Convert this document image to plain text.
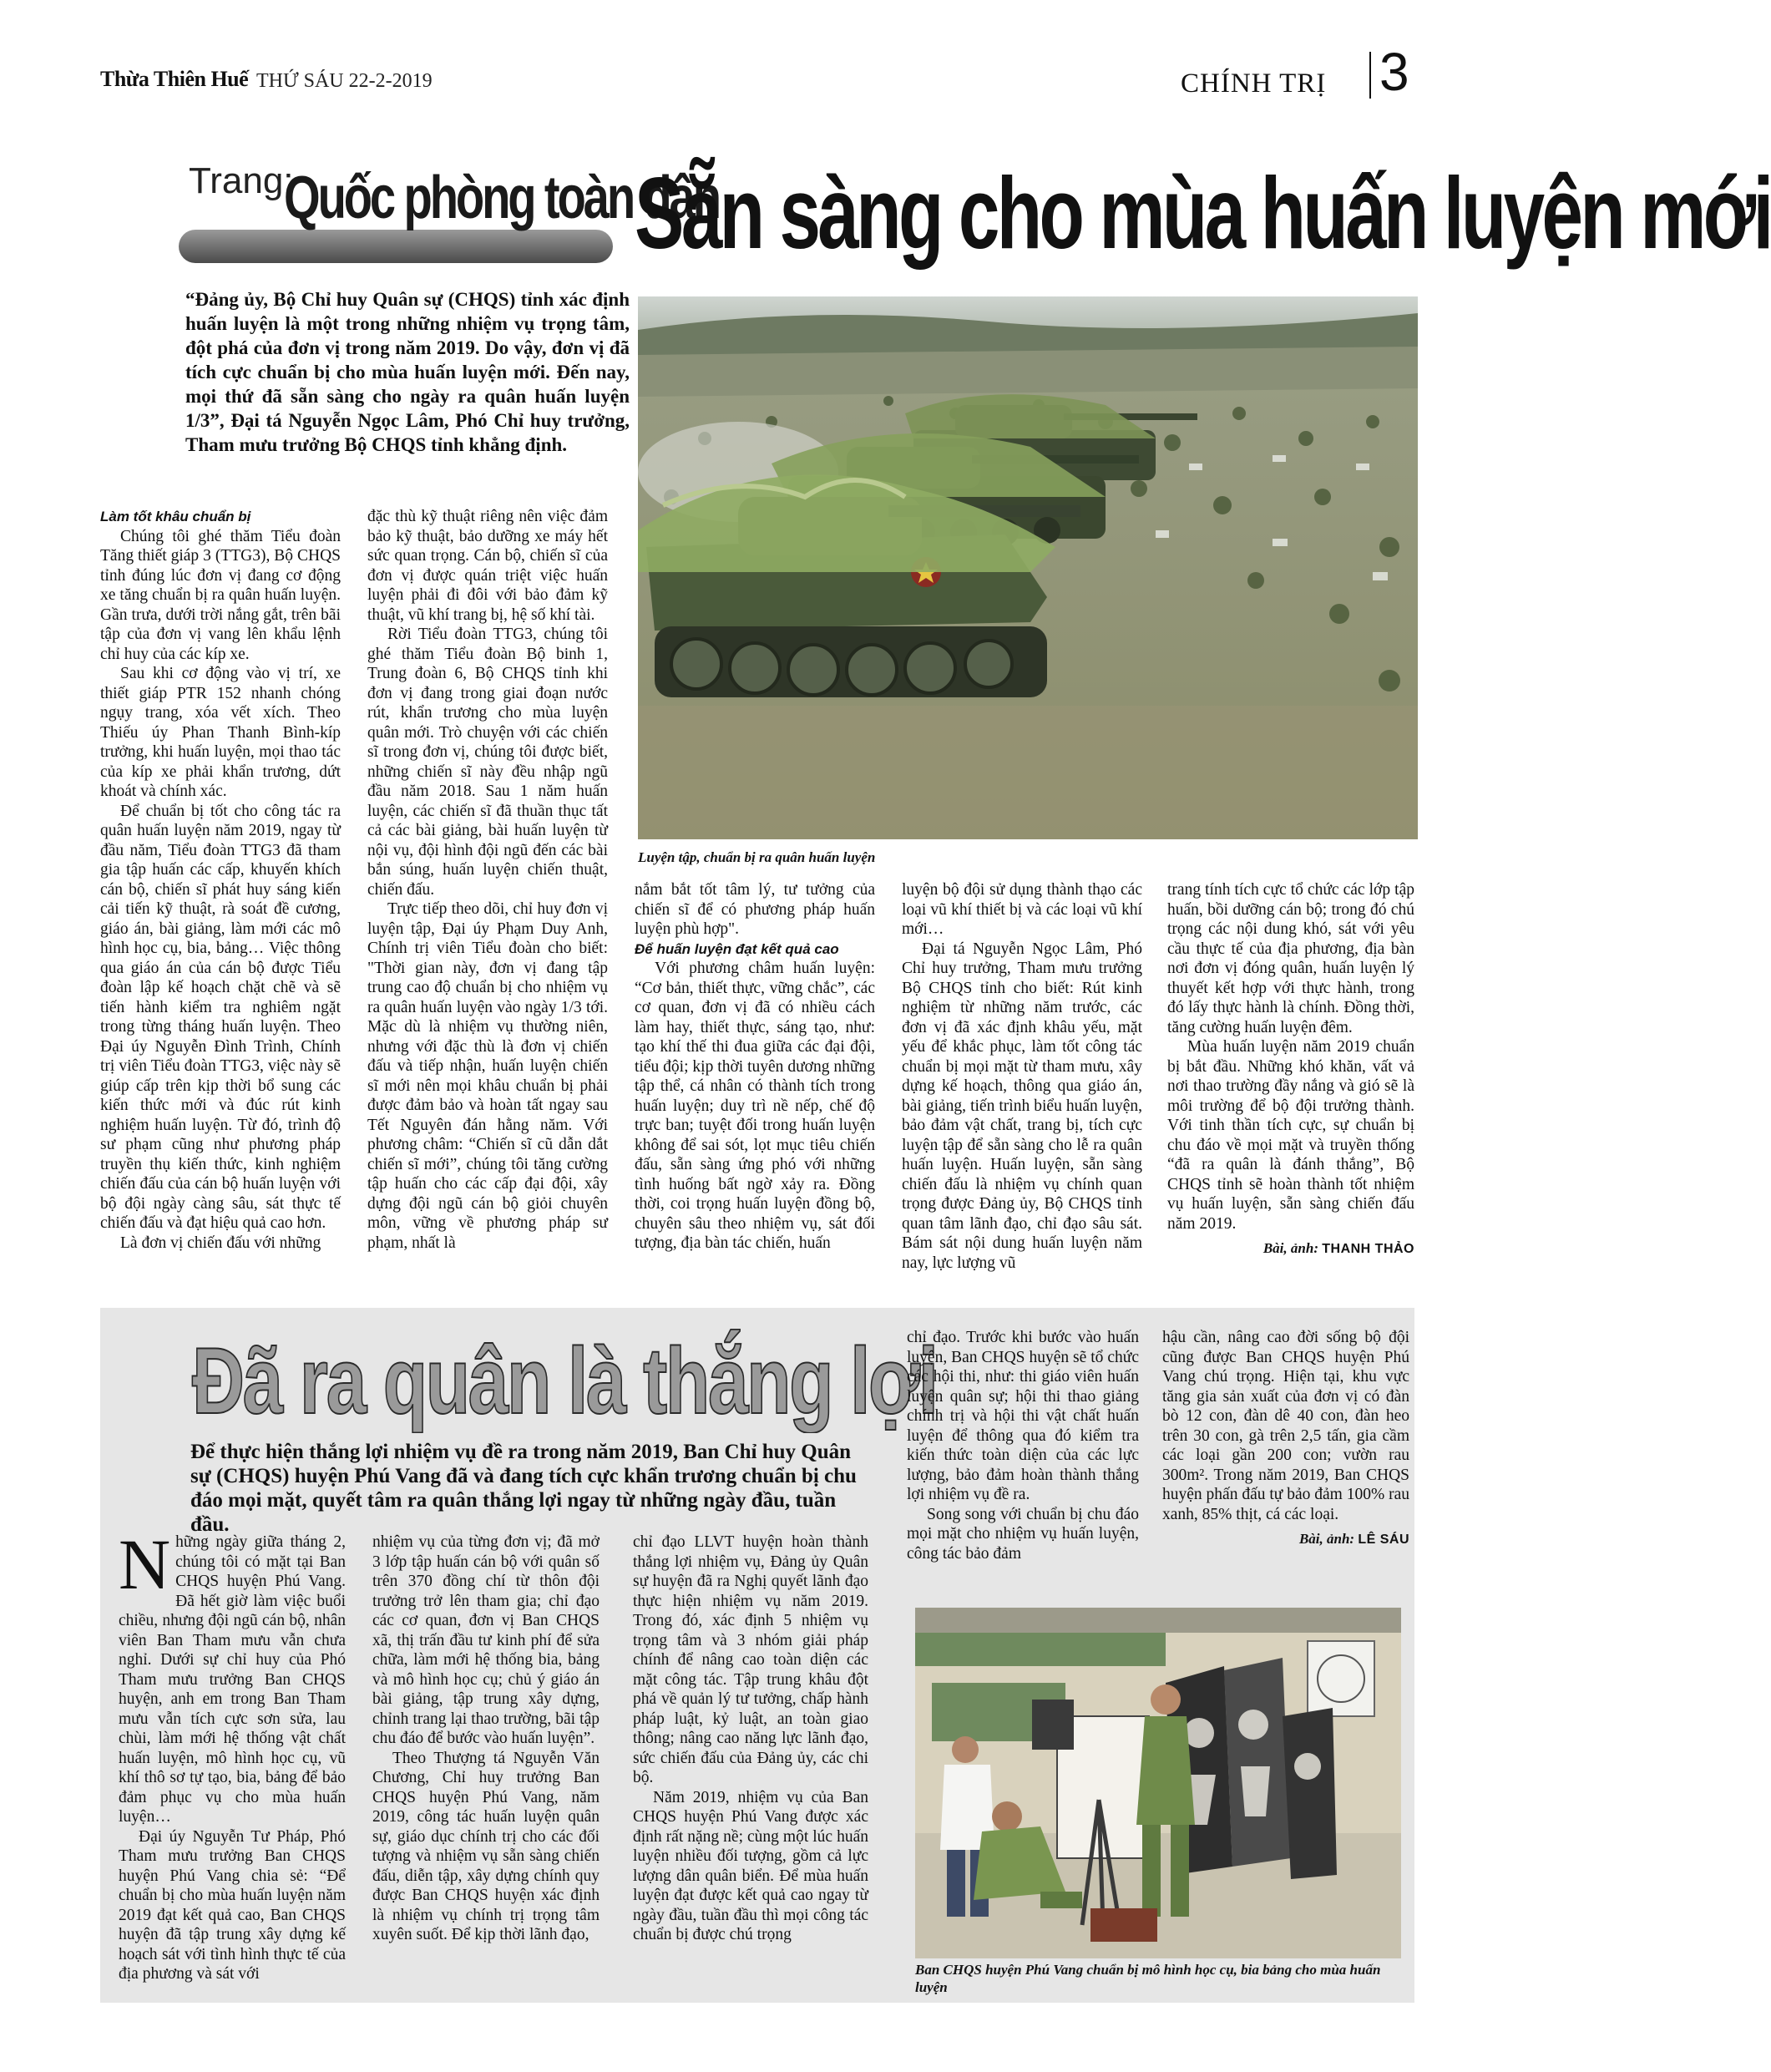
Thừa Thiên Huế THỨ SÁU 22-2-2019	CHÍNH TRỊ 3
Trang:
Quốc phòng toàn dân
Sẵn sàng cho mùa huấn luyện mới
“Đảng ủy, Bộ Chỉ huy Quân sự (CHQS) tỉnh xác định huấn luyện là một trong những nhiệm vụ trọng tâm, đột phá của đơn vị trong năm 2019. Do vậy, đơn vị đã tích cực chuẩn bị cho mùa huấn luyện mới. Đến nay, mọi thứ đã sẵn sàng cho ngày ra quân huấn luyện 1/3”, Đại tá Nguyễn Ngọc Lâm, Phó Chỉ huy trưởng, Tham mưu trưởng Bộ CHQS tỉnh khẳng định.
Luyện tập, chuẩn bị ra quân huấn luyện

Làm tốt khâu chuẩn bị

Chúng tôi ghé thăm Tiểu đoàn Tăng thiết giáp 3 (TTG3), Bộ CHQS tỉnh đúng lúc đơn vị đang cơ động xe tăng chuẩn bị ra quân huấn luyện. Gần trưa, dưới trời nắng gắt, trên bãi tập của đơn vị vang lên khẩu lệnh chỉ huy của các kíp xe.

Sau khi cơ động vào vị trí, xe thiết giáp PTR 152 nhanh chóng ngụy trang, xóa vết xích. Theo Thiếu úy Phan Thanh Bình-kíp trưởng, khi huấn luyện, mọi thao tác của kíp xe phải khẩn trương, dứt khoát và chính xác.

Để chuẩn bị tốt cho công tác ra quân huấn luyện năm 2019, ngay từ đầu năm, Tiểu đoàn TTG3 đã tham gia tập huấn các cấp, khuyến khích cán bộ, chiến sĩ phát huy sáng kiến cải tiến kỹ thuật, rà soát đề cương, giáo án, bài giảng, làm mới các mô hình học cụ, bia, bảng… Việc thông qua giáo án của cán bộ được Tiểu đoàn lập kế hoạch chặt chẽ và sẽ tiến hành kiểm tra nghiêm ngặt trong từng tháng huấn luyện. Theo Đại úy Nguyễn Đình Trình, Chính trị viên Tiểu đoàn TTG3, việc này sẽ giúp cấp trên kịp thời bổ sung các kiến thức mới và đúc rút kinh nghiệm huấn luyện. Từ đó, trình độ sư phạm cũng như phương pháp truyền thụ kiến thức, kinh nghiệm chiến đấu của cán bộ huấn luyện với bộ đội ngày càng sâu, sát thực tế chiến đấu và đạt hiệu quả cao hơn.

Là đơn vị chiến đấu với những

đặc thù kỹ thuật riêng nên việc đảm bảo kỹ thuật, bảo dưỡng xe máy hết sức quan trọng. Cán bộ, chiến sĩ của đơn vị được quán triệt việc huấn luyện phải đi đôi với bảo đảm kỹ thuật, vũ khí trang bị, hệ số khí tài.

Rời Tiểu đoàn TTG3, chúng tôi ghé thăm Tiểu đoàn Bộ binh 1, Trung đoàn 6, Bộ CHQS tỉnh khi đơn vị đang trong giai đoạn nước rút, khẩn trương cho mùa luyện quân mới. Trò chuyện với các chiến sĩ trong đơn vị, chúng tôi được biết, những chiến sĩ này đều nhập ngũ đầu năm 2018. Sau 1 năm huấn luyện, các chiến sĩ đã thuần thục tất cả các bài giảng, bài huấn luyện từ nội vụ, đội hình đội ngũ đến các bài bắn súng, huấn luyện chiến thuật, chiến đấu.

Trực tiếp theo dõi, chỉ huy đơn vị luyện tập, Đại úy Phạm Duy Anh, Chính trị viên Tiểu đoàn cho biết: "Thời gian này, đơn vị đang tập trung cao độ chuẩn bị cho nhiệm vụ ra quân huấn luyện vào ngày 1/3 tới. Mặc dù là nhiệm vụ thường niên, nhưng với đặc thù là đơn vị chiến đấu và tiếp nhận, huấn luyện chiến sĩ mới nên mọi khâu chuẩn bị phải được đảm bảo và hoàn tất ngay sau Tết Nguyên đán hằng năm. Với phương châm: “Chiến sĩ cũ dẫn dắt chiến sĩ mới”, chúng tôi tăng cường tập huấn cho các cấp đại đội, xây dựng đội ngũ cán bộ giỏi chuyên môn, vững về phương pháp sư phạm, nhất là

nắm bắt tốt tâm lý, tư tưởng của chiến sĩ để có phương pháp huấn luyện phù hợp".

Để huấn luyện đạt kết quả cao

Với phương châm huấn luyện: “Cơ bản, thiết thực, vững chắc”, các cơ quan, đơn vị đã có nhiều cách làm hay, thiết thực, sáng tạo, như: tạo khí thế thi đua giữa các đại đội, tiểu đội; kịp thời tuyên dương những tập thể, cá nhân có thành tích trong huấn luyện; duy trì nề nếp, chế độ trực ban; tuyệt đối trong huấn luyện không để sai sót, lọt mục tiêu chiến đấu, sẵn sàng ứng phó với những tình huống bất ngờ xảy ra. Đồng thời, coi trọng huấn luyện đồng bộ, chuyên sâu theo nhiệm vụ, sát đối tượng, địa bàn tác chiến, huấn

luyện bộ đội sử dụng thành thạo các loại vũ khí thiết bị và các loại vũ khí mới…

Đại tá Nguyễn Ngọc Lâm, Phó Chỉ huy trưởng, Tham mưu trưởng Bộ CHQS tỉnh cho biết: Rút kinh nghiệm từ những năm trước, các đơn vị đã xác định khâu yếu, mặt yếu để khắc phục, làm tốt công tác chuẩn bị mọi mặt từ tham mưu, xây dựng kế hoạch, thông qua giáo án, bài giảng, tiến trình biểu huấn luyện, bảo đảm vật chất, trang bị, tích cực luyện tập để sẵn sàng cho lễ ra quân huấn luyện. Huấn luyện, sẵn sàng chiến đấu là nhiệm vụ chính quan trọng được Đảng ủy, Bộ CHQS tỉnh quan tâm lãnh đạo, chỉ đạo sâu sát. Bám sát nội dung huấn luyện năm nay, lực lượng vũ

trang tính tích cực tổ chức các lớp tập huấn, bồi dưỡng cán bộ; trong đó chú trọng các nội dung khó, sát với yêu cầu thực tế của địa phương, địa bàn nơi đơn vị đóng quân, huấn luyện lý thuyết kết hợp với thực hành, trong đó lấy thực hành là chính. Đồng thời, tăng cường huấn luyện đêm.

Mùa huấn luyện năm 2019 chuẩn bị bắt đầu. Những khó khăn, vất vả nơi thao trường đầy nắng và gió sẽ là môi trường để bộ đội trưởng thành. Với tinh thần tích cực, sự chuẩn bị chu đáo về mọi mặt và truyền thống “đã ra quân là đánh thắng”, Bộ CHQS tỉnh sẽ hoàn thành tốt nhiệm vụ huấn luyện, sẵn sàng chiến đấu năm 2019.

Bài, ảnh: THANH THẢO
Đã ra quân là thắng lợi
Để thực hiện thắng lợi nhiệm vụ đề ra trong năm 2019, Ban Chỉ huy Quân sự (CHQS) huyện Phú Vang đã và đang tích cực khẩn trương chuẩn bị chu đáo mọi mặt, quyết tâm ra quân thắng lợi ngay từ những ngày đầu, tuần đầu.

Những ngày giữa tháng 2, chúng tôi có mặt tại Ban CHQS huyện Phú Vang. Đã hết giờ làm việc buổi chiều, nhưng đội ngũ cán bộ, nhân viên Ban Tham mưu vẫn chưa nghỉ. Dưới sự chỉ huy của Phó Tham mưu trưởng Ban CHQS huyện, anh em trong Ban Tham mưu vẫn tích cực sơn sửa, lau chùi, làm mới hệ thống vật chất huấn luyện, mô hình học cụ, vũ khí thô sơ tự tạo, bia, bảng để bảo đảm phục vụ cho mùa huấn luyện…

Đại úy Nguyễn Tư Pháp, Phó Tham mưu trưởng Ban CHQS huyện Phú Vang chia sẻ: “Để chuẩn bị cho mùa huấn luyện năm 2019 đạt kết quả cao, Ban CHQS huyện đã tập trung xây dựng kế hoạch sát với tình hình thực tế của địa phương và sát với

nhiệm vụ của từng đơn vị; đã mở 3 lớp tập huấn cán bộ với quân số trên 370 đồng chí từ thôn đội trưởng trở lên tham gia; chỉ đạo các cơ quan, đơn vị Ban CHQS xã, thị trấn đầu tư kinh phí để sửa chữa, làm mới hệ thống bia, bảng và mô hình học cụ; chủ ý giáo án bài giảng, tập trung xây dựng, chỉnh trang lại thao trường, bãi tập chu đáo để bước vào huấn luyện”.

Theo Thượng tá Nguyễn Văn Chương, Chỉ huy trưởng Ban CHQS huyện Phú Vang, năm 2019, công tác huấn luyện quân sự, giáo dục chính trị cho các đối tượng và nhiệm vụ sẵn sàng chiến đấu, diễn tập, xây dựng chính quy được Ban CHQS huyện xác định là nhiệm vụ chính trị trọng tâm xuyên suốt. Để kịp thời lãnh đạo,

chỉ đạo LLVT huyện hoàn thành thắng lợi nhiệm vụ, Đảng ủy Quân sự huyện đã ra Nghị quyết lãnh đạo thực hiện nhiệm vụ năm 2019. Trong đó, xác định 5 nhiệm vụ trọng tâm và 3 nhóm giải pháp chính để nâng cao toàn diện các mặt công tác. Tập trung khâu đột phá về quản lý tư tưởng, chấp hành pháp luật, kỷ luật, an toàn giao thông; nâng cao năng lực lãnh đạo, sức chiến đấu của Đảng ủy, các chi bộ.

Năm 2019, nhiệm vụ của Ban CHQS huyện Phú Vang được xác định rất nặng nề; cùng một lúc huấn luyện nhiều đối tượng, gồm cả lực lượng dân quân biển. Để mùa huấn luyện đạt được kết quả cao ngay từ ngày đầu, tuần đầu thì mọi công tác chuẩn bị được chú trọng

chỉ đạo. Trước khi bước vào huấn luyện, Ban CHQS huyện sẽ tổ chức các hội thi, như: thi giáo viên huấn luyện quân sự; hội thi thao giảng chính trị và hội thi vật chất huấn luyện để thông qua đó kiểm tra kiến thức toàn diện của các lực lượng, bảo đảm hoàn thành thắng lợi nhiệm vụ đề ra.

Song song với chuẩn bị chu đáo mọi mặt cho nhiệm vụ huấn luyện, công tác bảo đảm

hậu cần, nâng cao đời sống bộ đội cũng được Ban CHQS huyện Phú Vang chú trọng. Hiện tại, khu vực tăng gia sản xuất của đơn vị có đàn bò 12 con, đàn dê 40 con, đàn heo trên 30 con, gà trên 2,5 tấn, gia cầm các loại gần 200 con; vườn rau 300m². Trong năm 2019, Ban CHQS huyện phấn đấu tự bảo đảm 100% rau xanh, 85% thịt, cá các loại.

Bài, ảnh: LÊ SÁU
Ban CHQS huyện Phú Vang chuẩn bị mô hình học cụ, bia bảng cho mùa huấn luyện
